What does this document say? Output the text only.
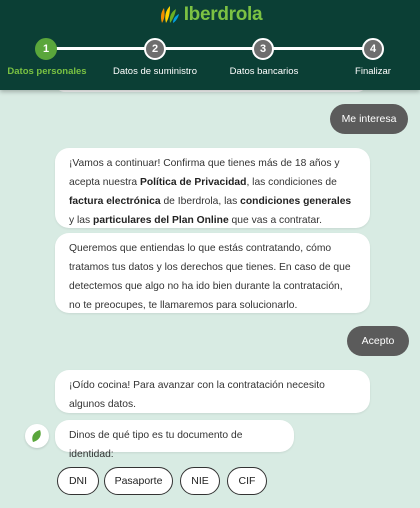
Iberdrola
1	2	3	4
Datos personales	Datos de suministro	Datos bancarios	Finalizar
Me interesa
¡Vamos a continuar! Confirma que tienes más de 18 años y acepta nuestra Política de Privacidad, las condiciones de factura electrónica de Iberdrola, las condiciones generales y las particulares del Plan Online que vas a contratar.
Queremos que entiendas lo que estás contratando, cómo tratamos tus datos y los derechos que tienes. En caso de que detectemos que algo no ha ido bien durante la contratación, no te preocupes, te llamaremos para solucionarlo.
Acepto
¡Oído cocina! Para avanzar con la contratación necesito algunos datos.
Dinos de qué tipo es tu documento de identidad:
DNI	Pasaporte	NIE	CIF
